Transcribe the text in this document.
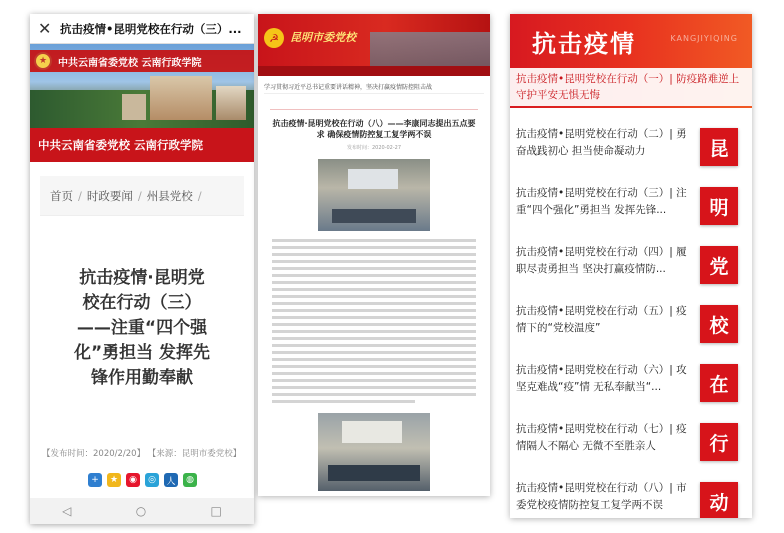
✕ 抗击疫情•昆明党校在行动（三）...
★	中共云南省委党校 云南行政学院
中共云南省委党校 云南行政学院
首页 / 时政要闻 / 州县党校 /
抗击疫情·昆明党
校在行动（三）
——注重“四个强
化”勇担当 发挥先
锋作用勤奉献
【发布时间：2020/2/20】 【来源：昆明市委党校】
+	★	◉	◎	人	◍
◁	○	□
☭	昆明市委党校
学习贯彻习近平总书记重要讲话精神，坚决打赢疫情防控阻击战
抗击疫情·昆明党校在行动（八）——李康同志提出五点要求 确保疫情防控复工复学两不误
发布时间：2020-02-27
抗击疫情	KANGJIYIQING
抗击疫情•昆明党校在行动（一）| 防疫路难逆上 守护平安无惧无悔
抗击疫情•昆明党校在行动（二）| 勇奋战践初心 担当使命凝动力	昆
抗击疫情•昆明党校在行动（三）| 注重“四个强化”勇担当 发挥先锋...	明
抗击疫情•昆明党校在行动（四）| 履职尽责勇担当 坚决打赢疫情防...	党
抗击疫情•昆明党校在行动（五）| 疫情下的“党校温度”	校
抗击疫情•昆明党校在行动（六）| 攻坚克难战“疫”情 无私奉献当“...	在
抗击疫情•昆明党校在行动（七）| 疫情隔人不隔心 无微不至胜亲人	行
抗击疫情•昆明党校在行动（八）| 市委党校疫情防控复工复学两不误	动
